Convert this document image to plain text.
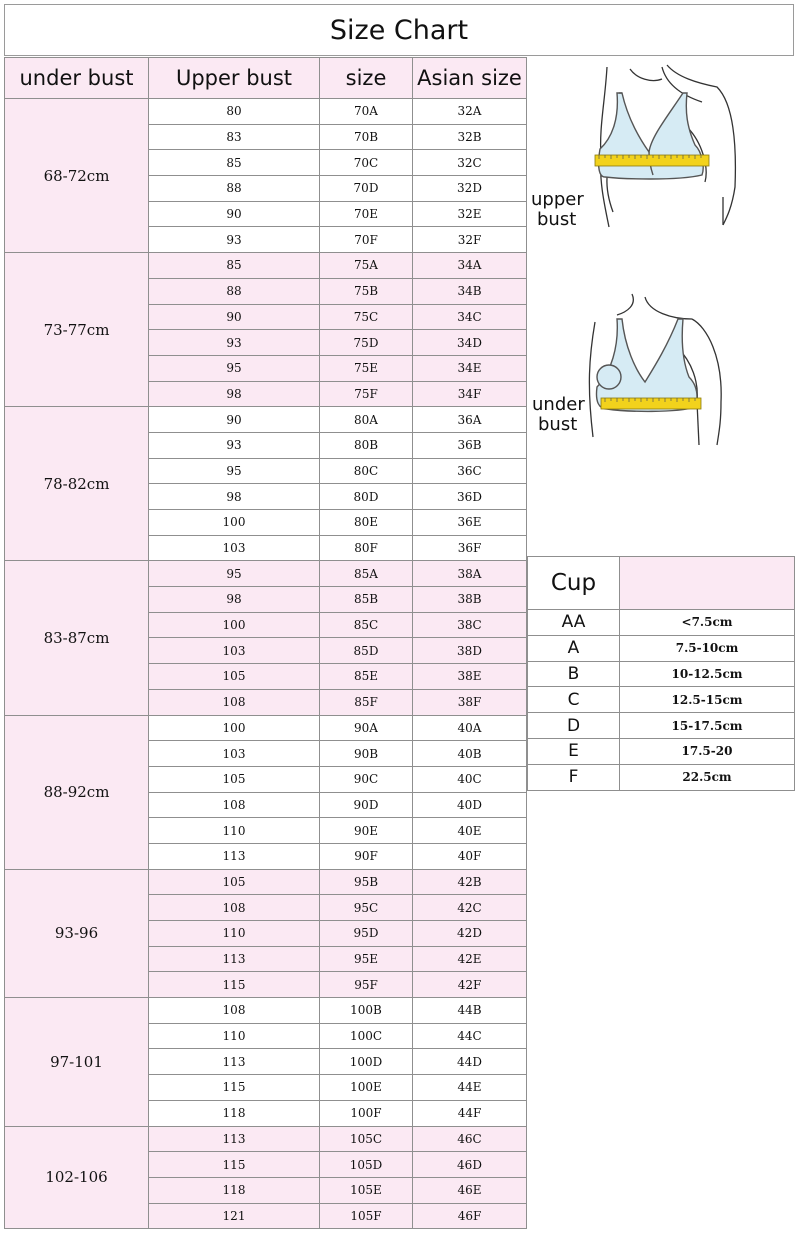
Size Chart
under bust	Upper bust	size	Asian size
68-72cm	80	70A	32A
	83	70B	32B
	85	70C	32C
	88	70D	32D
	90	70E	32E
	93	70F	32F
73-77cm	85	75A	34A
	88	75B	34B
	90	75C	34C
	93	75D	34D
	95	75E	34E
	98	75F	34F
78-82cm	90	80A	36A
	93	80B	36B
	95	80C	36C
	98	80D	36D
	100	80E	36E
	103	80F	36F
83-87cm	95	85A	38A
	98	85B	38B
	100	85C	38C
	103	85D	38D
	105	85E	38E
	108	85F	38F
88-92cm	100	90A	40A
	103	90B	40B
	105	90C	40C
	108	90D	40D
	110	90E	40E
	113	90F	40F
93-96	105	95B	42B
	108	95C	42C
	110	95D	42D
	113	95E	42E
	115	95F	42F
97-101	108	100B	44B
	110	100C	44C
	113	100D	44D
	115	100E	44E
	118	100F	44F
102-106	113	105C	46C
	115	105D	46D
	118	105E	46E
	121	105F	46F
upper
bust
under
bust
Cup	
AA	<7.5cm
A	7.5-10cm
B	10-12.5cm
C	12.5-15cm
D	15-17.5cm
E	17.5-20
F	22.5cm
